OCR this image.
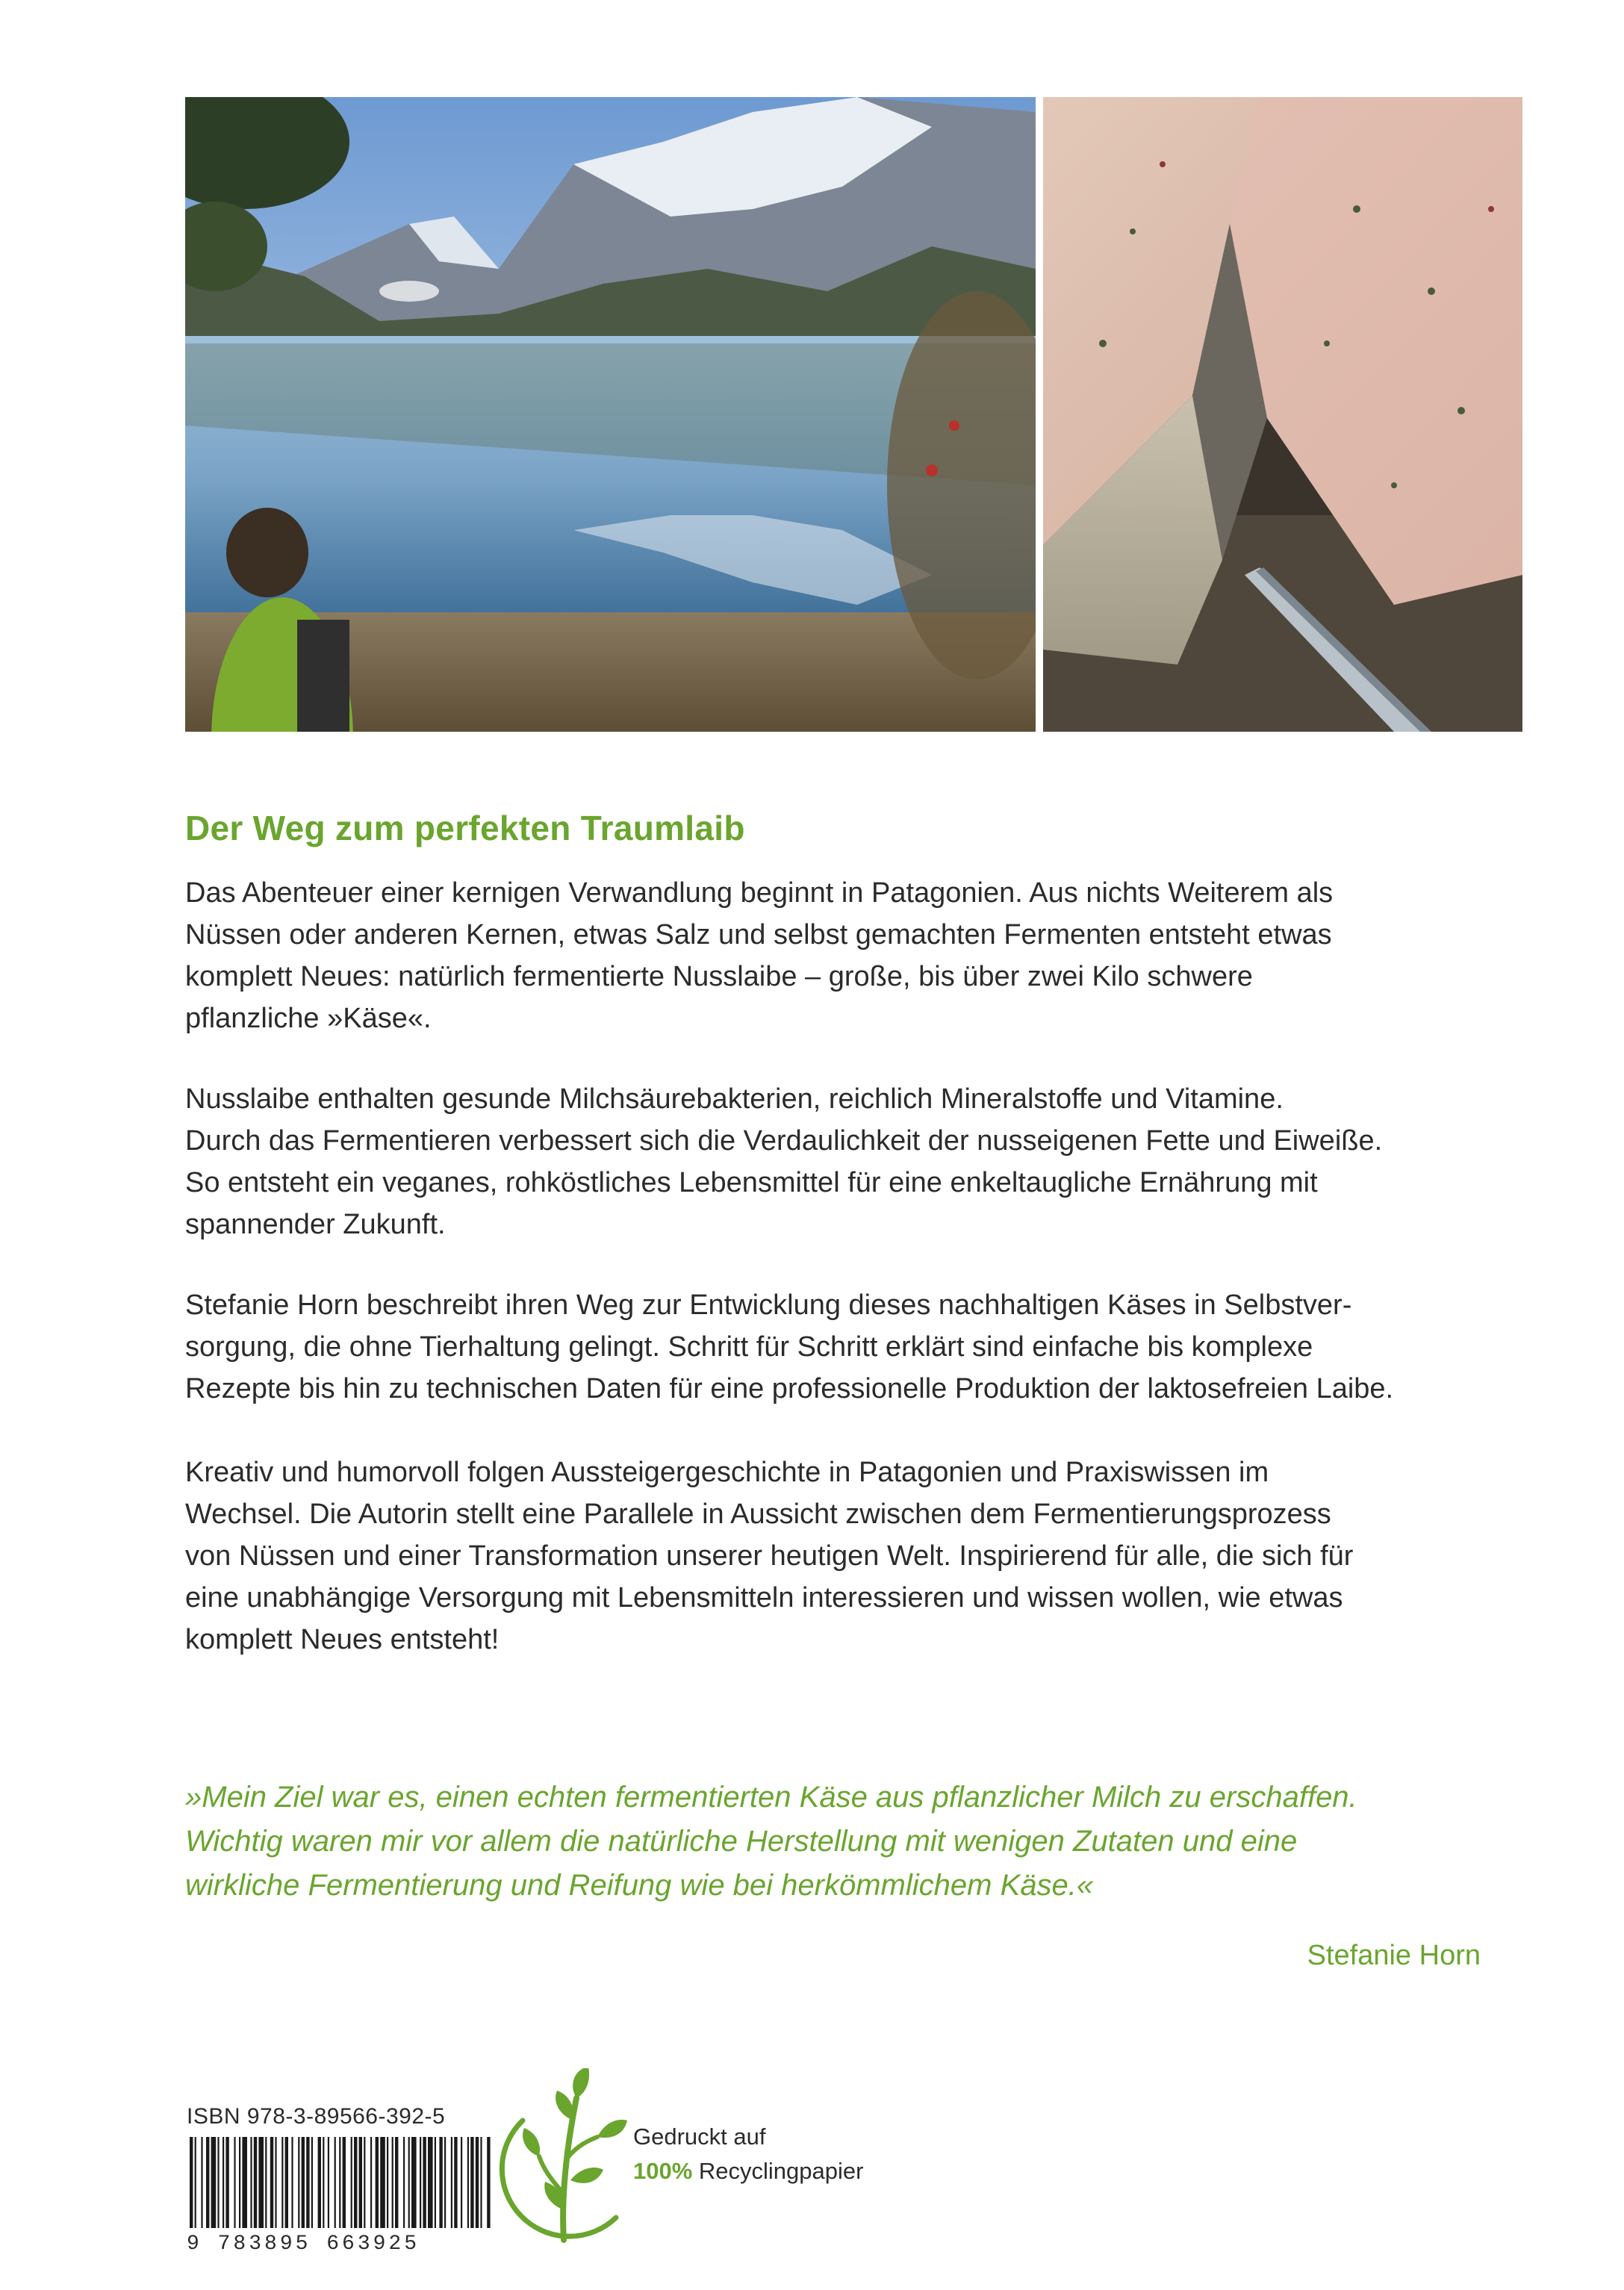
Der Weg zum perfekten Traumlaib
Das Abenteuer einer kernigen Verwandlung beginnt in Patagonien. Aus nichts Weiterem als
Nüssen oder anderen Kernen, etwas Salz und selbst gemachten Fermenten entsteht etwas
komplett Neues: natürlich fermentierte Nusslaibe – große, bis über zwei Kilo schwere
pflanzliche »Käse«.
Nusslaibe enthalten gesunde Milchsäurebakterien, reichlich Mineralstoffe und Vitamine.
Durch das Fermentieren verbessert sich die Verdaulichkeit der nusseigenen Fette und Eiweiße.
So entsteht ein veganes, rohköstliches Lebensmittel für eine enkeltaugliche Ernährung mit
spannender Zukunft.
Stefanie Horn beschreibt ihren Weg zur Entwicklung dieses nachhaltigen Käses in Selbstver-
sorgung, die ohne Tierhaltung gelingt. Schritt für Schritt erklärt sind einfache bis komplexe
Rezepte bis hin zu technischen Daten für eine professionelle Produktion der laktosefreien Laibe.
Kreativ und humorvoll folgen Aussteigergeschichte in Patagonien und Praxiswissen im
Wechsel. Die Autorin stellt eine Parallele in Aussicht zwischen dem Fermentierungsprozess
von Nüssen und einer Transformation unserer heutigen Welt. Inspirierend für alle, die sich für
eine unabhängige Versorgung mit Lebensmitteln interessieren und wissen wollen, wie etwas
komplett Neues entsteht!
»Mein Ziel war es, einen echten fermentierten Käse aus pflanzlicher Milch zu erschaffen.
Wichtig waren mir vor allem die natürliche Herstellung mit wenigen Zutaten und eine
wirkliche Fermentierung und Reifung wie bei herkömmlichem Käse.«
Stefanie Horn
ISBN 978-3-89566-392-5
9 783895 663925
Gedruckt auf
100% Recyclingpapier
